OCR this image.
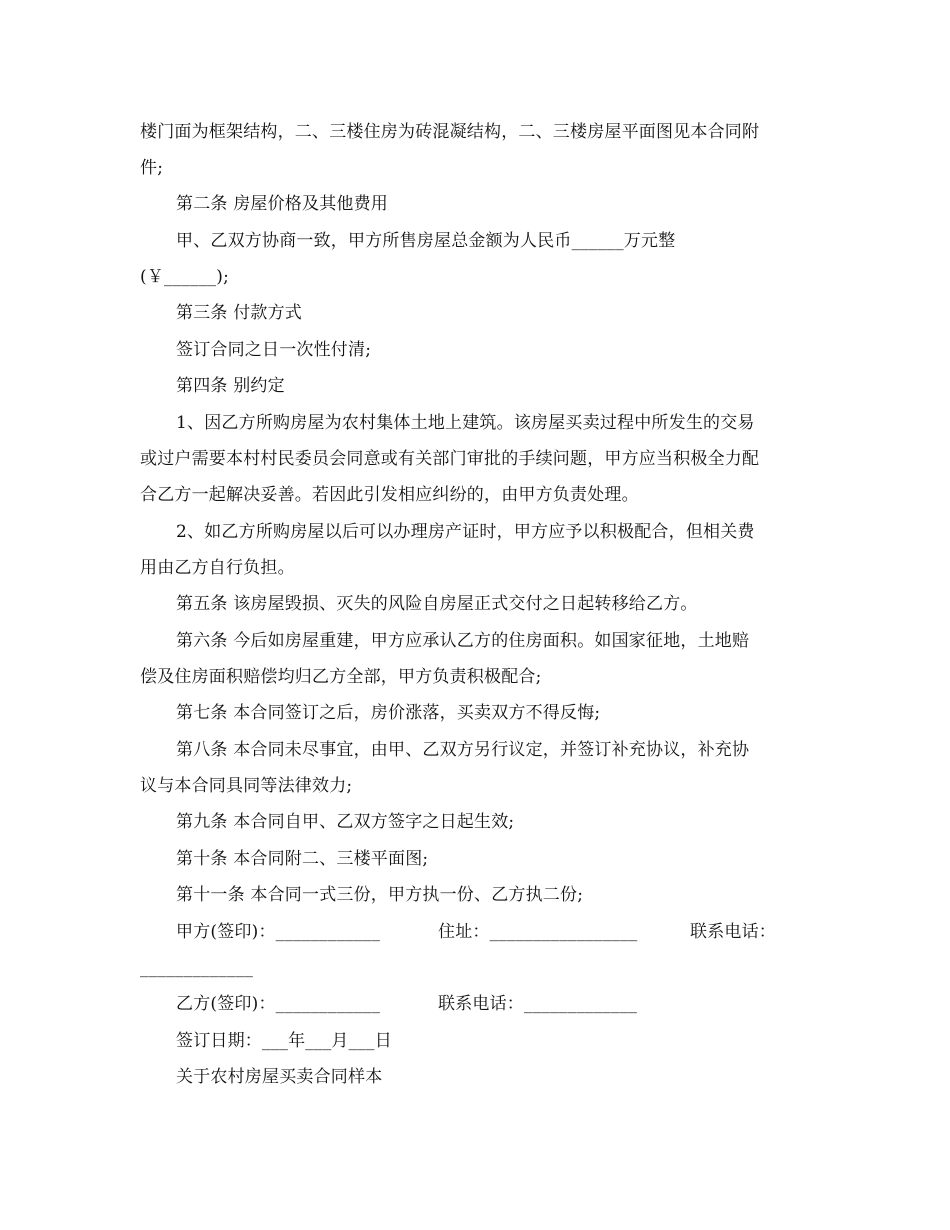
楼门面为框架结构，二、三楼住房为砖混凝结构，二、三楼房屋平面图见本合同附
件;
第二条 房屋价格及其他费用
甲、乙双方协商一致，甲方所售房屋总金额为人民币______万元整
(￥______);
第三条 付款方式
签订合同之日一次性付清;
第四条 别约定
1、因乙方所购房屋为农村集体土地上建筑。该房屋买卖过程中所发生的交易
或过户需要本村村民委员会同意或有关部门审批的手续问题，甲方应当积极全力配
合乙方一起解决妥善。若因此引发相应纠纷的，由甲方负责处理。
2、如乙方所购房屋以后可以办理房产证时，甲方应予以积极配合，但相关费
用由乙方自行负担。
第五条 该房屋毁损、灭失的风险自房屋正式交付之日起转移给乙方。
第六条 今后如房屋重建，甲方应承认乙方的住房面积。如国家征地，土地赔
偿及住房面积赔偿均归乙方全部，甲方负责积极配合;
第七条 本合同签订之后，房价涨落，买卖双方不得反悔;
第八条 本合同未尽事宜，由甲、乙双方另行议定，并签订补充协议，补充协
议与本合同具同等法律效力;
第九条 本合同自甲、乙双方签字之日起生效;
第十条 本合同附二、三楼平面图;
第十一条 本合同一式三份，甲方执一份、乙方执二份;
甲方(签印)：____________	住址：_________________	联系电话：
_____________
乙方(签印)：____________	联系电话：_____________
签订日期：___年___月___日
关于农村房屋买卖合同样本
